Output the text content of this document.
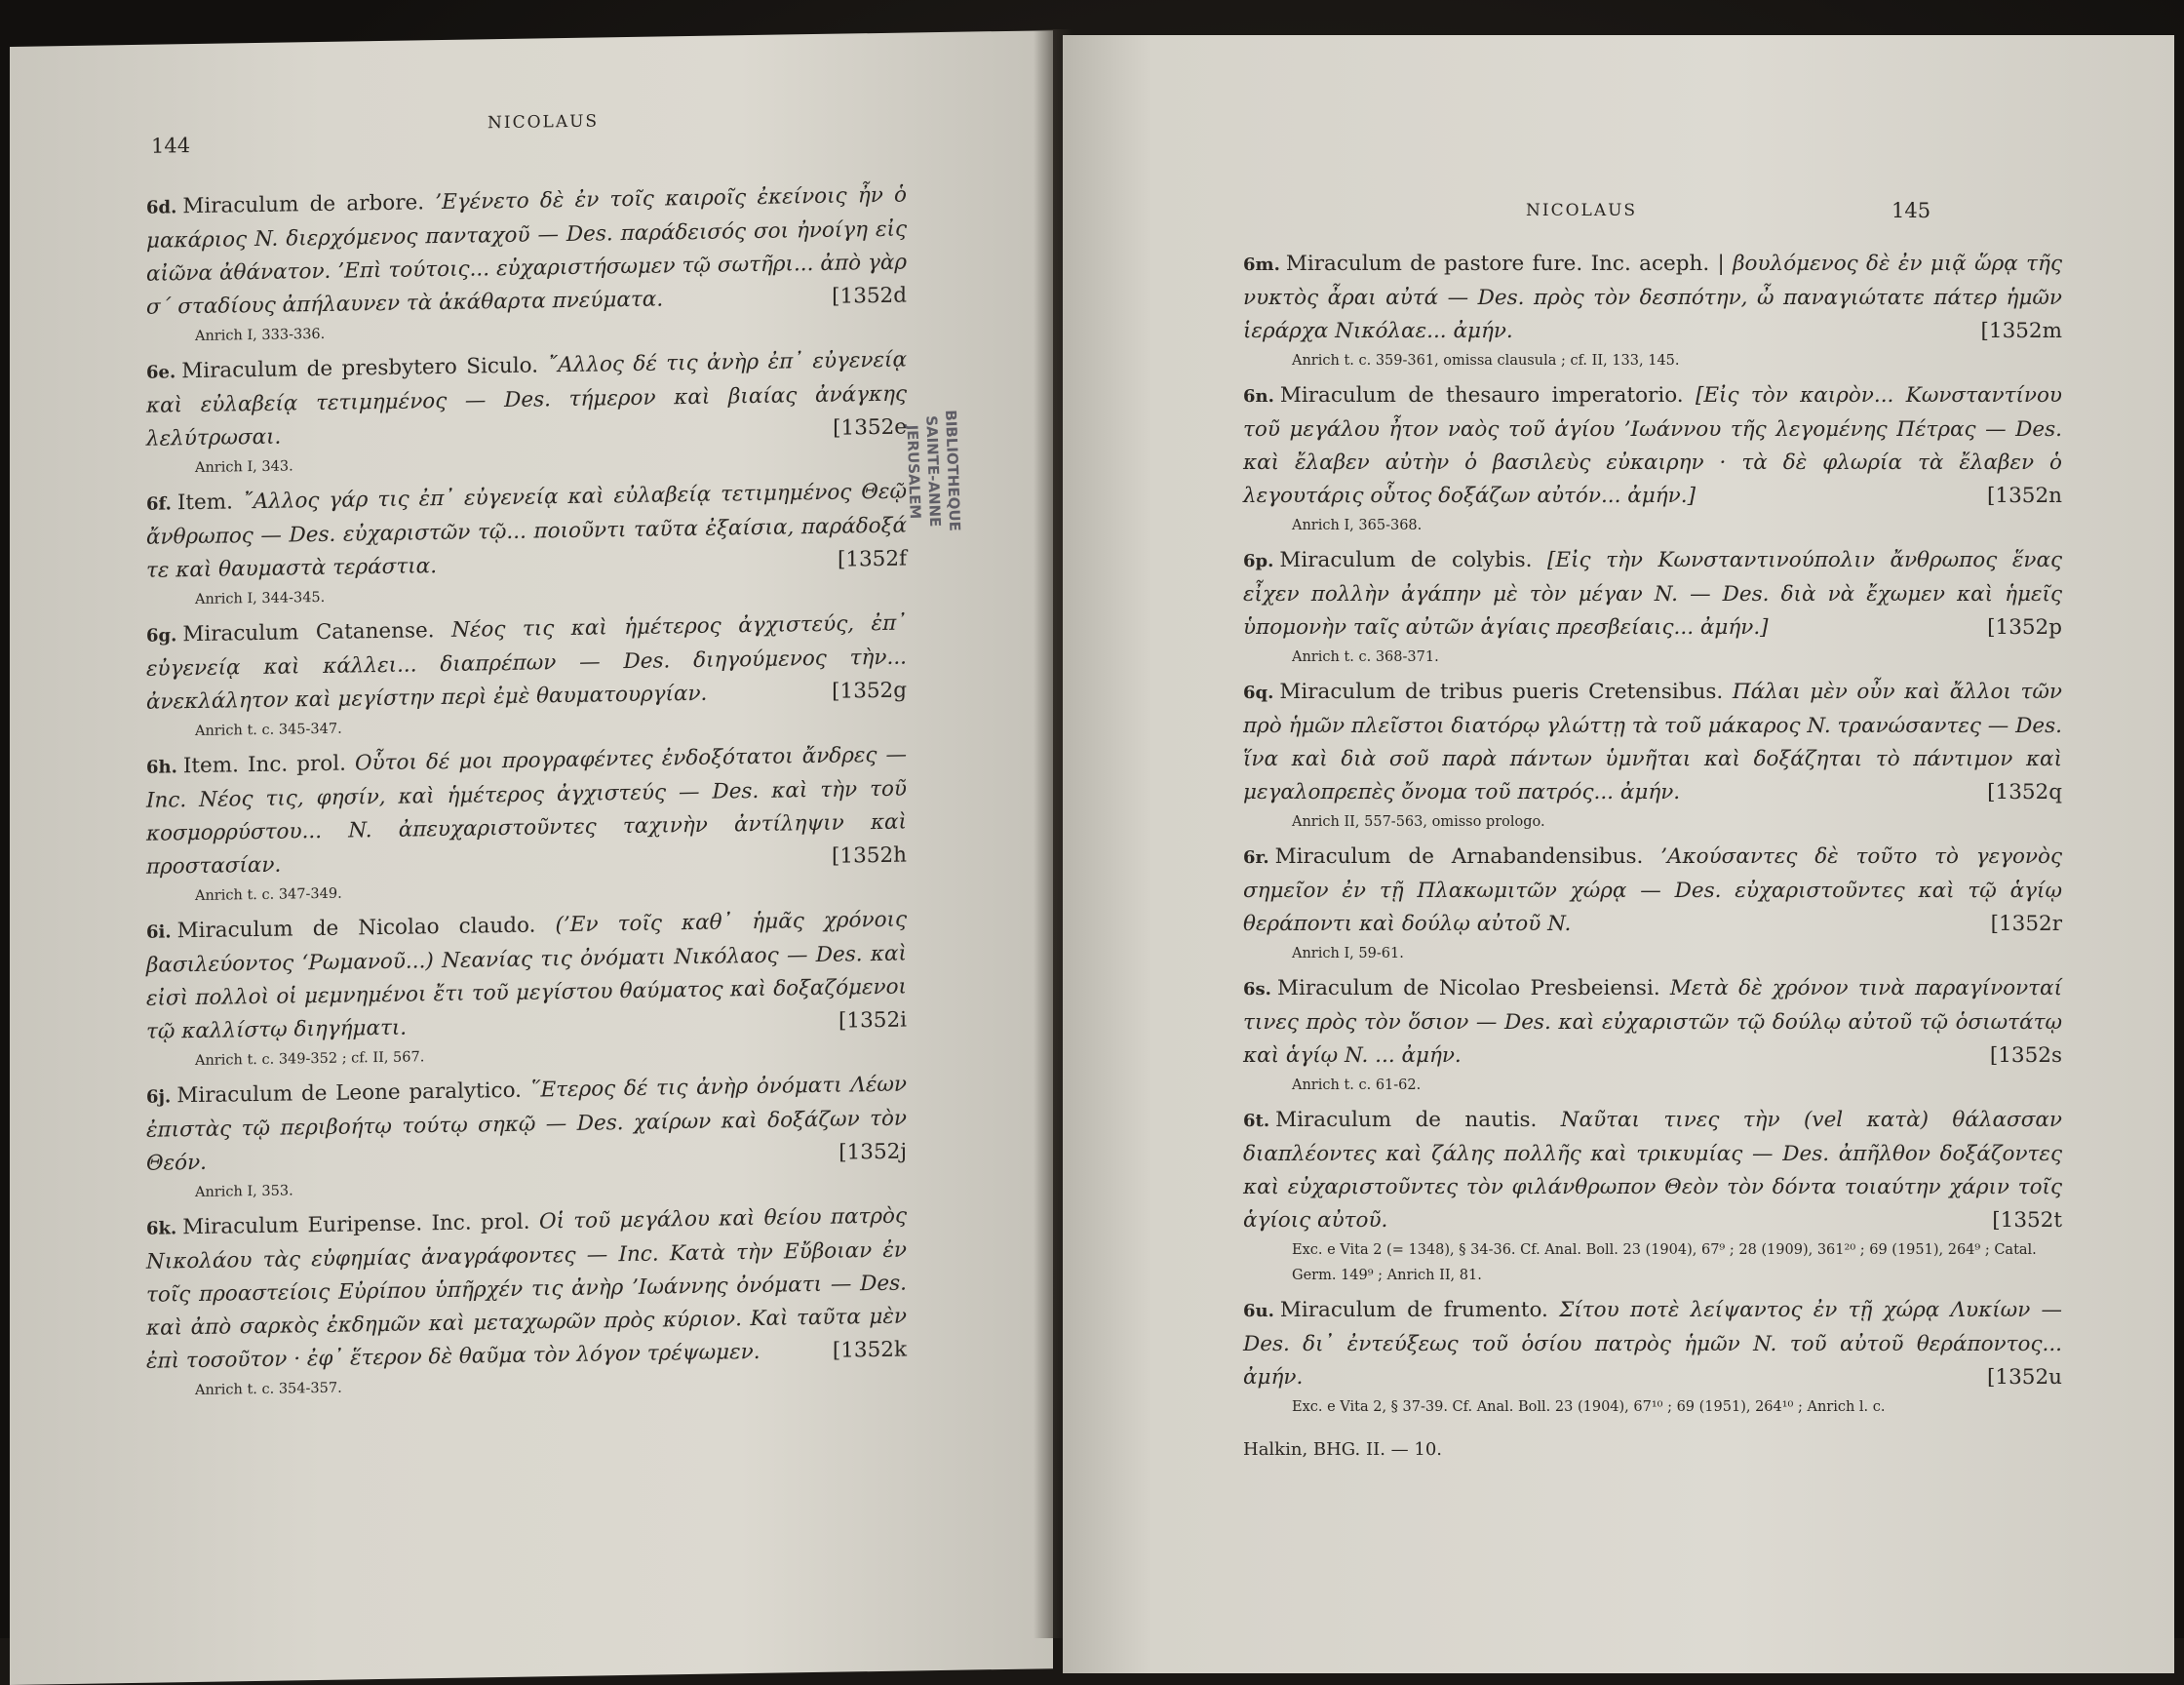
144
NICOLAUS

6d. Miraculum de arbore. ’Εγένετο δὲ ἐν τοῖς καιροῖς ἐκείνοις ἦν ὁ μακάριος N. διερχόμενος πανταχοῦ — Des. παράδεισός σοι ἠνοίγη εἰς αἰῶνα ἀθάνατον. ’Επὶ τούτοις... εὐχαριστήσωμεν τῷ σωτῆρι... ἀπὸ γὰρ σ΄ σταδίους ἀπήλαυνεν τὰ ἀκάθαρτα πνεύματα.	[1352d

Anrich I, 333-336.

6e. Miraculum de presbytero Siculo. ῎Αλλος δέ τις ἀνὴρ ἐπ᾽ εὐγενείᾳ καὶ εὐλαβείᾳ τετιμημένος — Des. τήμερον καὶ βιαίας ἀνάγκης λελύτρωσαι.	[1352e

Anrich I, 343.

6f. Item. ῎Αλλος γάρ τις ἐπ᾽ εὐγενείᾳ καὶ εὐλαβείᾳ τετιμημένος Θεῷ ἄνθρωπος — Des. εὐχαριστῶν τῷ... ποιοῦντι ταῦτα ἐξαίσια, παράδοξά τε καὶ θαυμαστὰ τεράστια.	[1352f

Anrich I, 344-345.

6g. Miraculum Catanense. Νέος τις καὶ ἡμέτερος ἀγχιστεύς, ἐπ᾽ εὐγενείᾳ καὶ κάλλει... διαπρέπων — Des. διηγούμενος τὴν... ἀνεκλάλητον καὶ μεγίστην περὶ ἐμὲ θαυματουργίαν.	[1352g

Anrich t. c. 345-347.

6h. Item. Inc. prol. Οὗτοι δέ μοι προγραφέντες ἐνδοξότατοι ἄνδρες — Inc. Νέος τις, φησίν, καὶ ἡμέτερος ἀγχιστεύς — Des. καὶ τὴν τοῦ κοσμορρύστου... N. ἀπευχαριστοῦντες ταχινὴν ἀντίληψιν καὶ προστασίαν.	[1352h

Anrich t. c. 347-349.

6i. Miraculum de Nicolao claudo. (’Εν τοῖς καθ᾽ ἡμᾶς χρόνοις βασιλεύοντος ‘Ρωμανοῦ...) Νεανίας τις ὀνόματι Νικόλαος — Des. καὶ εἰσὶ πολλοὶ οἱ μεμνημένοι ἔτι τοῦ μεγίστου θαύματος καὶ δοξαζόμενοι τῷ καλλίστῳ διηγήματι.	[1352i

Anrich t. c. 349-352 ; cf. II, 567.

6j. Miraculum de Leone paralytico. ῞Ετερος δέ τις ἀνὴρ ὀνόματι Λέων ἐπιστὰς τῷ περιβοήτῳ τούτῳ σηκῷ — Des. χαίρων καὶ δοξάζων τὸν Θεόν.	[1352j

Anrich I, 353.

6k. Miraculum Euripense. Inc. prol. Οἱ τοῦ μεγάλου καὶ θείου πατρὸς Νικολάου τὰς εὐφημίας ἀναγράφοντες — Inc. Κατὰ τὴν Εὔβοιαν ἐν τοῖς προαστείοις Εὐρίπου ὑπῆρχέν τις ἀνὴρ ’Ιωάννης ὀνόματι — Des. καὶ ἀπὸ σαρκὸς ἐκδημῶν καὶ μεταχωρῶν πρὸς κύριον. Καὶ ταῦτα μὲν ἐπὶ τοσοῦτον · ἐφ᾽ ἕτερον δὲ θαῦμα τὸν λόγον τρέψωμεν.	[1352k

Anrich t. c. 354-357.
BIBLIOTHEQUE
SAINTE-ANNE
JERUSALEM
NICOLAUS	145

6m. Miraculum de pastore fure. Inc. aceph. | βουλόμενος δὲ ἐν μιᾷ ὥρᾳ τῆς νυκτὸς ἆραι αὐτά — Des. πρὸς τὸν δεσπότην, ὦ παναγιώτατε πάτερ ἡμῶν ἱεράρχα Νικόλαε... ἀμήν.	[1352m

Anrich t. c. 359-361, omissa clausula ; cf. II, 133, 145.

6n. Miraculum de thesauro imperatorio. [Εἰς τὸν καιρὸν... Κωνσταντίνου τοῦ μεγάλου ἦτον ναὸς τοῦ ἁγίου ’Ιωάννου τῆς λεγομένης Πέτρας — Des. καὶ ἔλαβεν αὐτὴν ὁ βασιλεὺς εὐκαιρην · τὰ δὲ φλωρία τὰ ἔλαβεν ὁ λεγουτάρις οὗτος δοξάζων αὐτόν... ἀμήν.]	[1352n

Anrich I, 365-368.

6p. Miraculum de colybis. [Εἰς τὴν Κωνσταντινούπολιν ἄνθρωπος ἕνας εἶχεν πολλὴν ἀγάπην μὲ τὸν μέγαν N. — Des. διὰ νὰ ἔχωμεν καὶ ἡμεῖς ὑπομονὴν ταῖς αὐτῶν ἁγίαις πρεσβείαις... ἀμήν.]	[1352p

Anrich t. c. 368-371.

6q. Miraculum de tribus pueris Cretensibus. Πάλαι μὲν οὖν καὶ ἄλλοι τῶν πρὸ ἡμῶν πλεῖστοι διατόρῳ γλώττῃ τὰ τοῦ μάκαρος N. τρανώσαντες — Des. ἵνα καὶ διὰ σοῦ παρὰ πάντων ὑμνῆται καὶ δοξάζηται τὸ πάντιμον καὶ μεγαλοπρεπὲς ὄνομα τοῦ πατρός... ἀμήν.	[1352q

Anrich II, 557-563, omisso prologo.

6r. Miraculum de Arnabandensibus. ’Ακούσαντες δὲ τοῦτο τὸ γεγονὸς σημεῖον ἐν τῇ Πλακωμιτῶν χώρᾳ — Des. εὐχαριστοῦντες καὶ τῷ ἁγίῳ θεράποντι καὶ δούλῳ αὐτοῦ N.	[1352r

Anrich I, 59-61.

6s. Miraculum de Nicolao Presbeiensi. Μετὰ δὲ χρόνον τινὰ παραγίνονταί τινες πρὸς τὸν ὅσιον — Des. καὶ εὐχαριστῶν τῷ δούλῳ αὐτοῦ τῷ ὁσιωτάτῳ καὶ ἁγίῳ N. ... ἀμήν.	[1352s

Anrich t. c. 61-62.

6t. Miraculum de nautis. Ναῦται τινες τὴν (vel κατὰ) θάλασσαν διαπλέοντες καὶ ζάλης πολλῆς καὶ τρικυμίας — Des. ἀπῆλθον δοξάζοντες καὶ εὐχαριστοῦντες τὸν φιλάνθρωπον Θεὸν τὸν δόντα τοιαύτην χάριν τοῖς ἁγίοις αὐτοῦ.	[1352t

Exc. e Vita 2 (= 1348), § 34-36. Cf. Anal. Boll. 23 (1904), 67⁹ ; 28 (1909), 361²⁰ ; 69 (1951), 264⁹ ; Catal. Germ. 149⁹ ; Anrich II, 81.

6u. Miraculum de frumento. Σίτου ποτὲ λείψαντος ἐν τῇ χώρᾳ Λυκίων — Des. δι᾽ ἐντεύξεως τοῦ ὁσίου πατρὸς ἡμῶν N. τοῦ αὐτοῦ θεράποντος... ἀμήν.	[1352u

Exc. e Vita 2, § 37-39. Cf. Anal. Boll. 23 (1904), 67¹⁰ ; 69 (1951), 264¹⁰ ; Anrich l. c.
Halkin, BHG. II. — 10.
